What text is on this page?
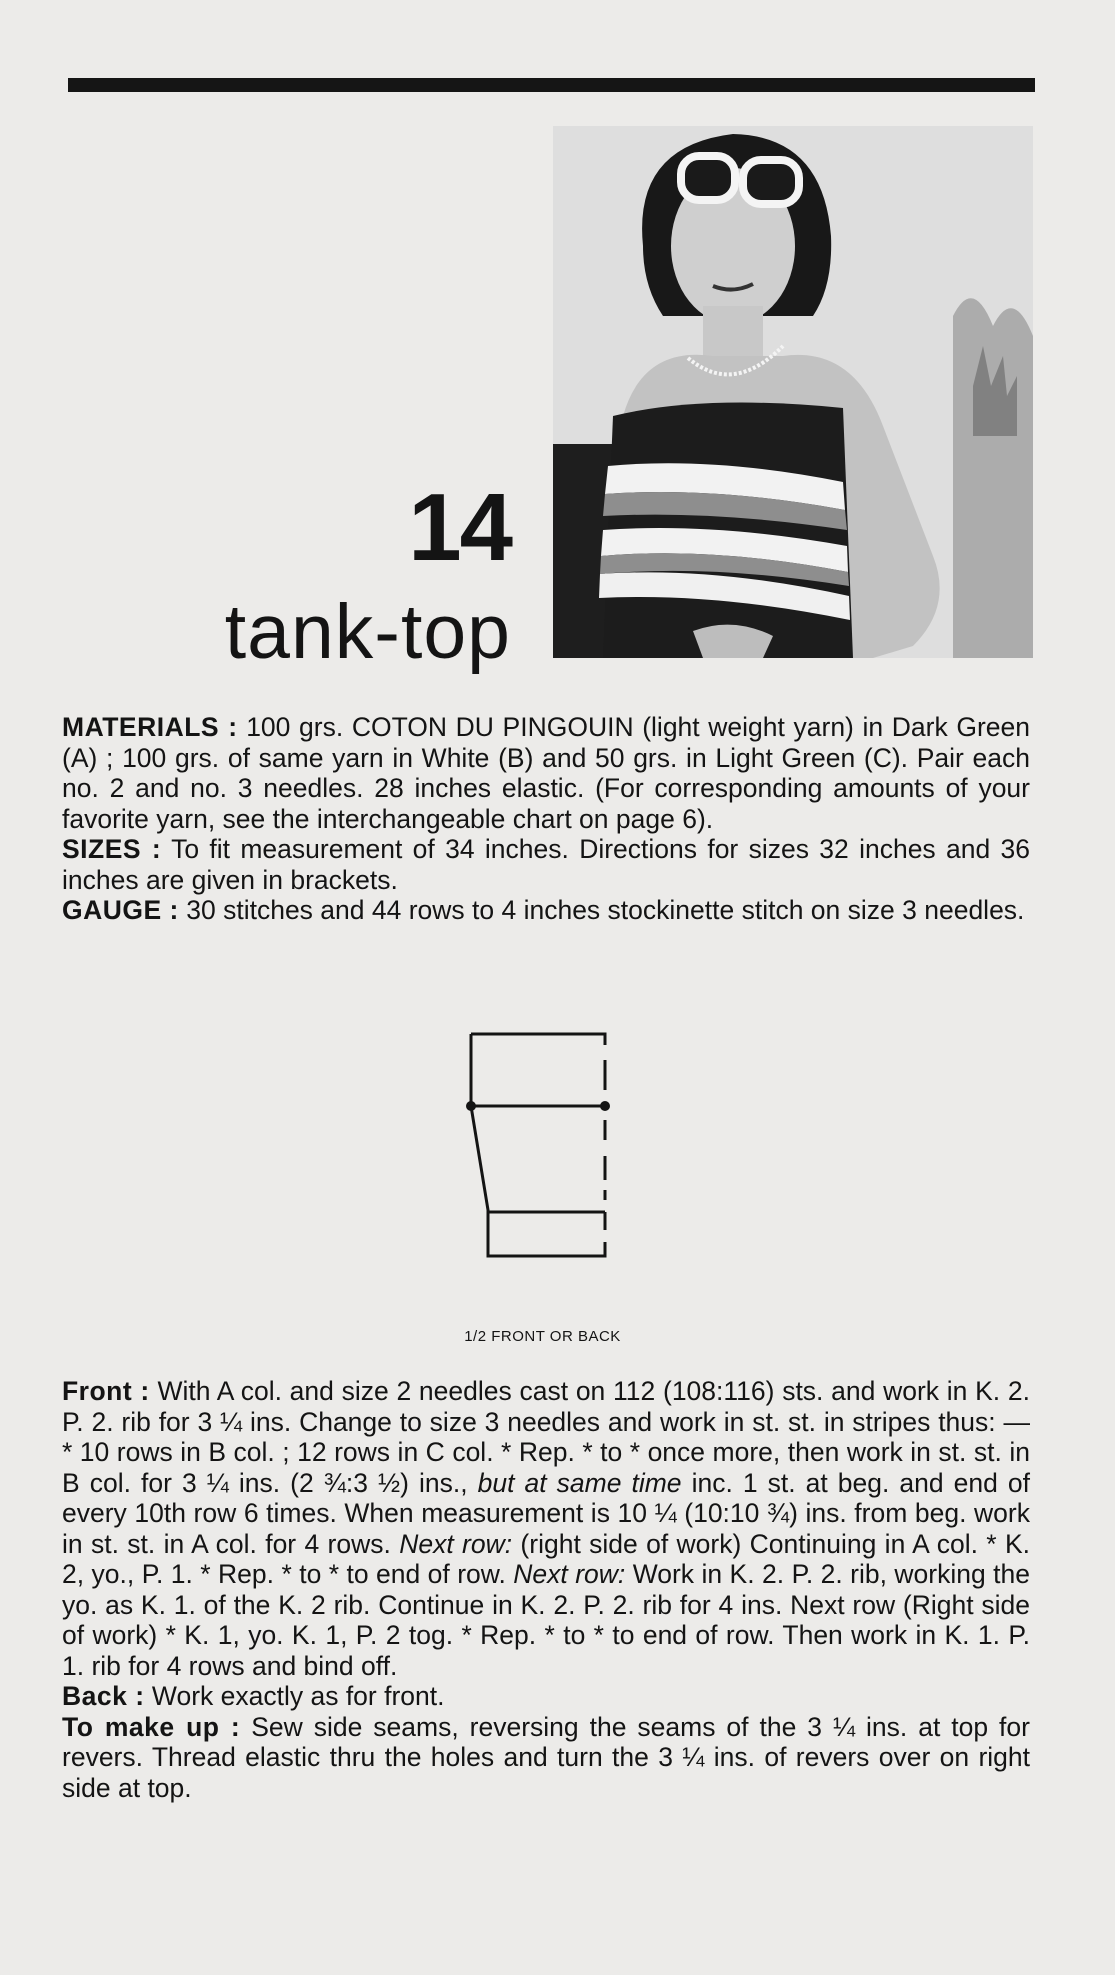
14
tank-top

MATERIALS : 100 grs. COTON DU PINGOUIN (light weight yarn) in Dark Green (A) ; 100 grs. of same yarn in White (B) and 50 grs. in Light Green (C). Pair each no. 2 and no. 3 needles. 28 inches elastic. (For corresponding amounts of your favorite yarn, see the interchangeable chart on page 6).

SIZES : To fit measurement of 34 inches. Directions for sizes 32 inches and 36 inches are given in brackets.

GAUGE : 30 stitches and 44 rows to 4 inches stockinette stitch on size 3 needles.

1/2 FRONT OR BACK

Front : With A col. and size 2 needles cast on 112 (108:116) sts. and work in K. 2. P. 2. rib for 3 ¼ ins. Change to size 3 needles and work in st. st. in stripes thus: — * 10 rows in B col. ; 12 rows in C col. * Rep. * to * once more, then work in st. st. in B col. for 3 ¼ ins. (2 ¾:3 ½) ins., but at same time inc. 1 st. at beg. and end of every 10th row 6 times. When measurement is 10 ¼ (10:10 ¾) ins. from beg. work in st. st. in A col. for 4 rows. Next row: (right side of work) Continuing in A col. * K. 2, yo., P. 1. * Rep. * to * to end of row. Next row: Work in K. 2. P. 2. rib, working the yo. as K. 1. of the K. 2 rib. Continue in K. 2. P. 2. rib for 4 ins. Next row (Right side of work) * K. 1, yo. K. 1, P. 2 tog. * Rep. * to * to end of row. Then work in K. 1. P. 1. rib for 4 rows and bind off.

Back : Work exactly as for front.

To make up : Sew side seams, reversing the seams of the 3 ¼ ins. at top for revers. Thread elastic thru the holes and turn the 3 ¼ ins. of revers over on right side at top.
